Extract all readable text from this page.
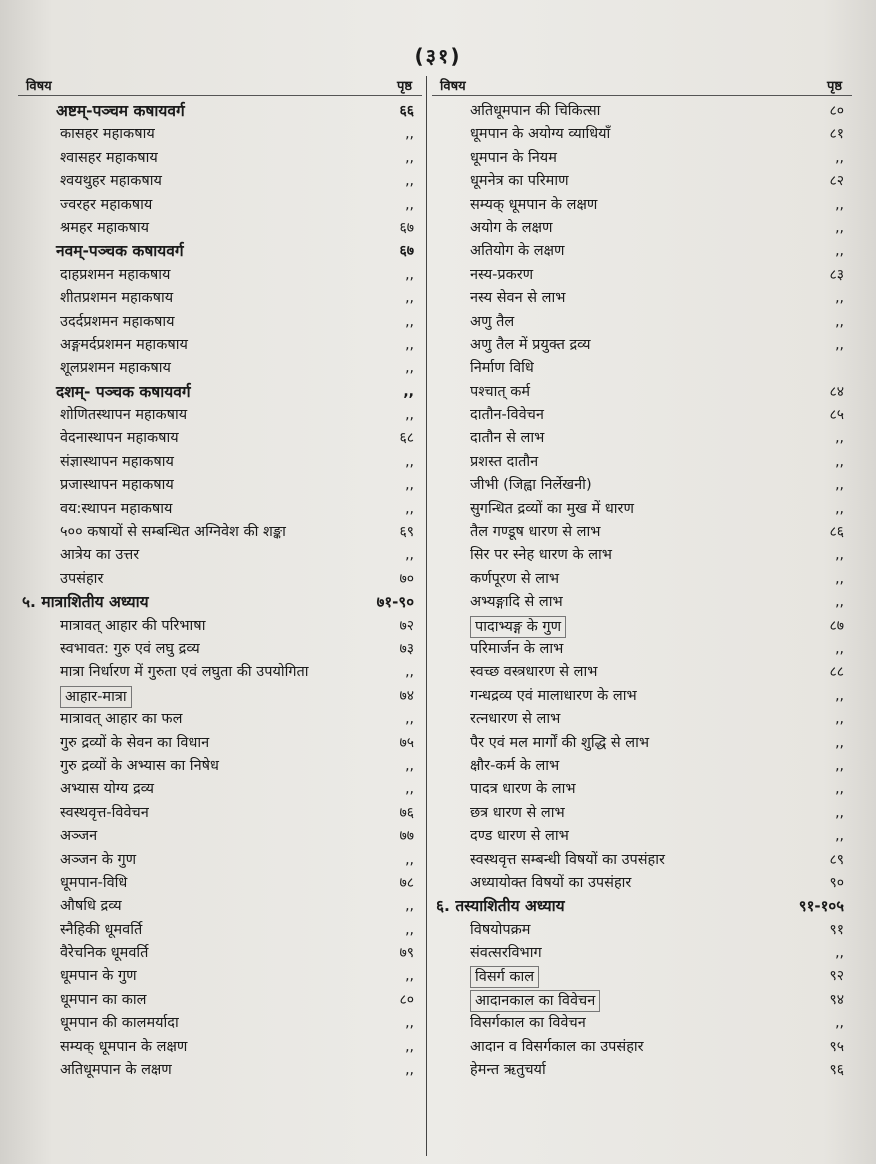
(३१)
विषय	पृष्ठ
अष्टम्-पञ्चम कषायवर्ग	६६
कासहर महाकषाय	,,
श्वासहर महाकषाय	,,
श्वयथुहर महाकषाय	,,
ज्वरहर महाकषाय	,,
श्रमहर महाकषाय	६७
नवम्-पञ्चक कषायवर्ग	६७
दाहप्रशमन महाकषाय	,,
शीतप्रशमन महाकषाय	,,
उदर्दप्रशमन महाकषाय	,,
अङ्गमर्दप्रशमन महाकषाय	,,
शूलप्रशमन महाकषाय	,,
दशम्- पञ्चक कषायवर्ग	,,
शोणितस्थापन महाकषाय	,,
वेदनास्थापन महाकषाय	६८
संज्ञास्थापन महाकषाय	,,
प्रजास्थापन महाकषाय	,,
वय:स्थापन महाकषाय	,,
५०० कषायों से सम्बन्धित अग्निवेश की शङ्का	६९
आत्रेय का उत्तर	,,
उपसंहार	७०
५. मात्राशितीय अध्याय	७१-९०
मात्रावत् आहार की परिभाषा	७२
स्वभावत: गुरु एवं लघु द्रव्य	७३
मात्रा निर्धारण में गुरुता एवं लघुता की उपयोगिता	,,
आहार-मात्रा	७४
मात्रावत् आहार का फल	,,
गुरु द्रव्यों के सेवन का विधान	७५
गुरु द्रव्यों के अभ्यास का निषेध	,,
अभ्यास योग्य द्रव्य	,,
स्वस्थवृत्त-विवेचन	७६
अञ्जन	७७
अञ्जन के गुण	,,
धूमपान-विधि	७८
औषधि द्रव्य	,,
स्नैहिकी धूमवर्ति	,,
वैरेचनिक धूमवर्ति	७९
धूमपान के गुण	,,
धूमपान का काल	८०
धूमपान की कालमर्यादा	,,
सम्यक् धूमपान के लक्षण	,,
अतिधूमपान के लक्षण	,,
विषय	पृष्ठ
अतिधूमपान की चिकित्सा	८०
धूमपान के अयोग्य व्याधियाँ	८१
धूमपान के नियम	,,
धूमनेत्र का परिमाण	८२
सम्यक् धूमपान के लक्षण	,,
अयोग के लक्षण	,,
अतियोग के लक्षण	,,
नस्य-प्रकरण	८३
नस्य सेवन से लाभ	,,
अणु तैल	,,
अणु तैल में प्रयुक्त द्रव्य	,,
निर्माण विधि
पश्चात् कर्म	८४
दातौन-विवेचन	८५
दातौन से लाभ	,,
प्रशस्त दातौन	,,
जीभी (जिह्वा निर्लेखनी)	,,
सुगन्धित द्रव्यों का मुख में धारण	,,
तैल गण्डूष धारण से लाभ	८६
सिर पर स्नेह धारण के लाभ	,,
कर्णपूरण से लाभ	,,
अभ्यङ्गादि से लाभ	,,
पादाभ्यङ्ग के गुण	८७
परिमार्जन के लाभ	,,
स्वच्छ वस्त्रधारण से लाभ	८८
गन्धद्रव्य एवं मालाधारण के लाभ	,,
रत्नधारण से लाभ	,,
पैर एवं मल मार्गों की शुद्धि से लाभ	,,
क्षौर-कर्म के लाभ	,,
पादत्र धारण के लाभ	,,
छत्र धारण से लाभ	,,
दण्ड धारण से लाभ	,,
स्वस्थवृत्त सम्बन्धी विषयों का उपसंहार	८९
अध्यायोक्त विषयों का उपसंहार	९०
६. तस्याशितीय अध्याय	९१-१०५
विषयोपक्रम	९१
संवत्सरविभाग	,,
विसर्ग काल	९२
आदानकाल का विवेचन	९४
विसर्गकाल का विवेचन	,,
आदान व विसर्गकाल का उपसंहार	९५
हेमन्त ऋतुचर्या	९६
